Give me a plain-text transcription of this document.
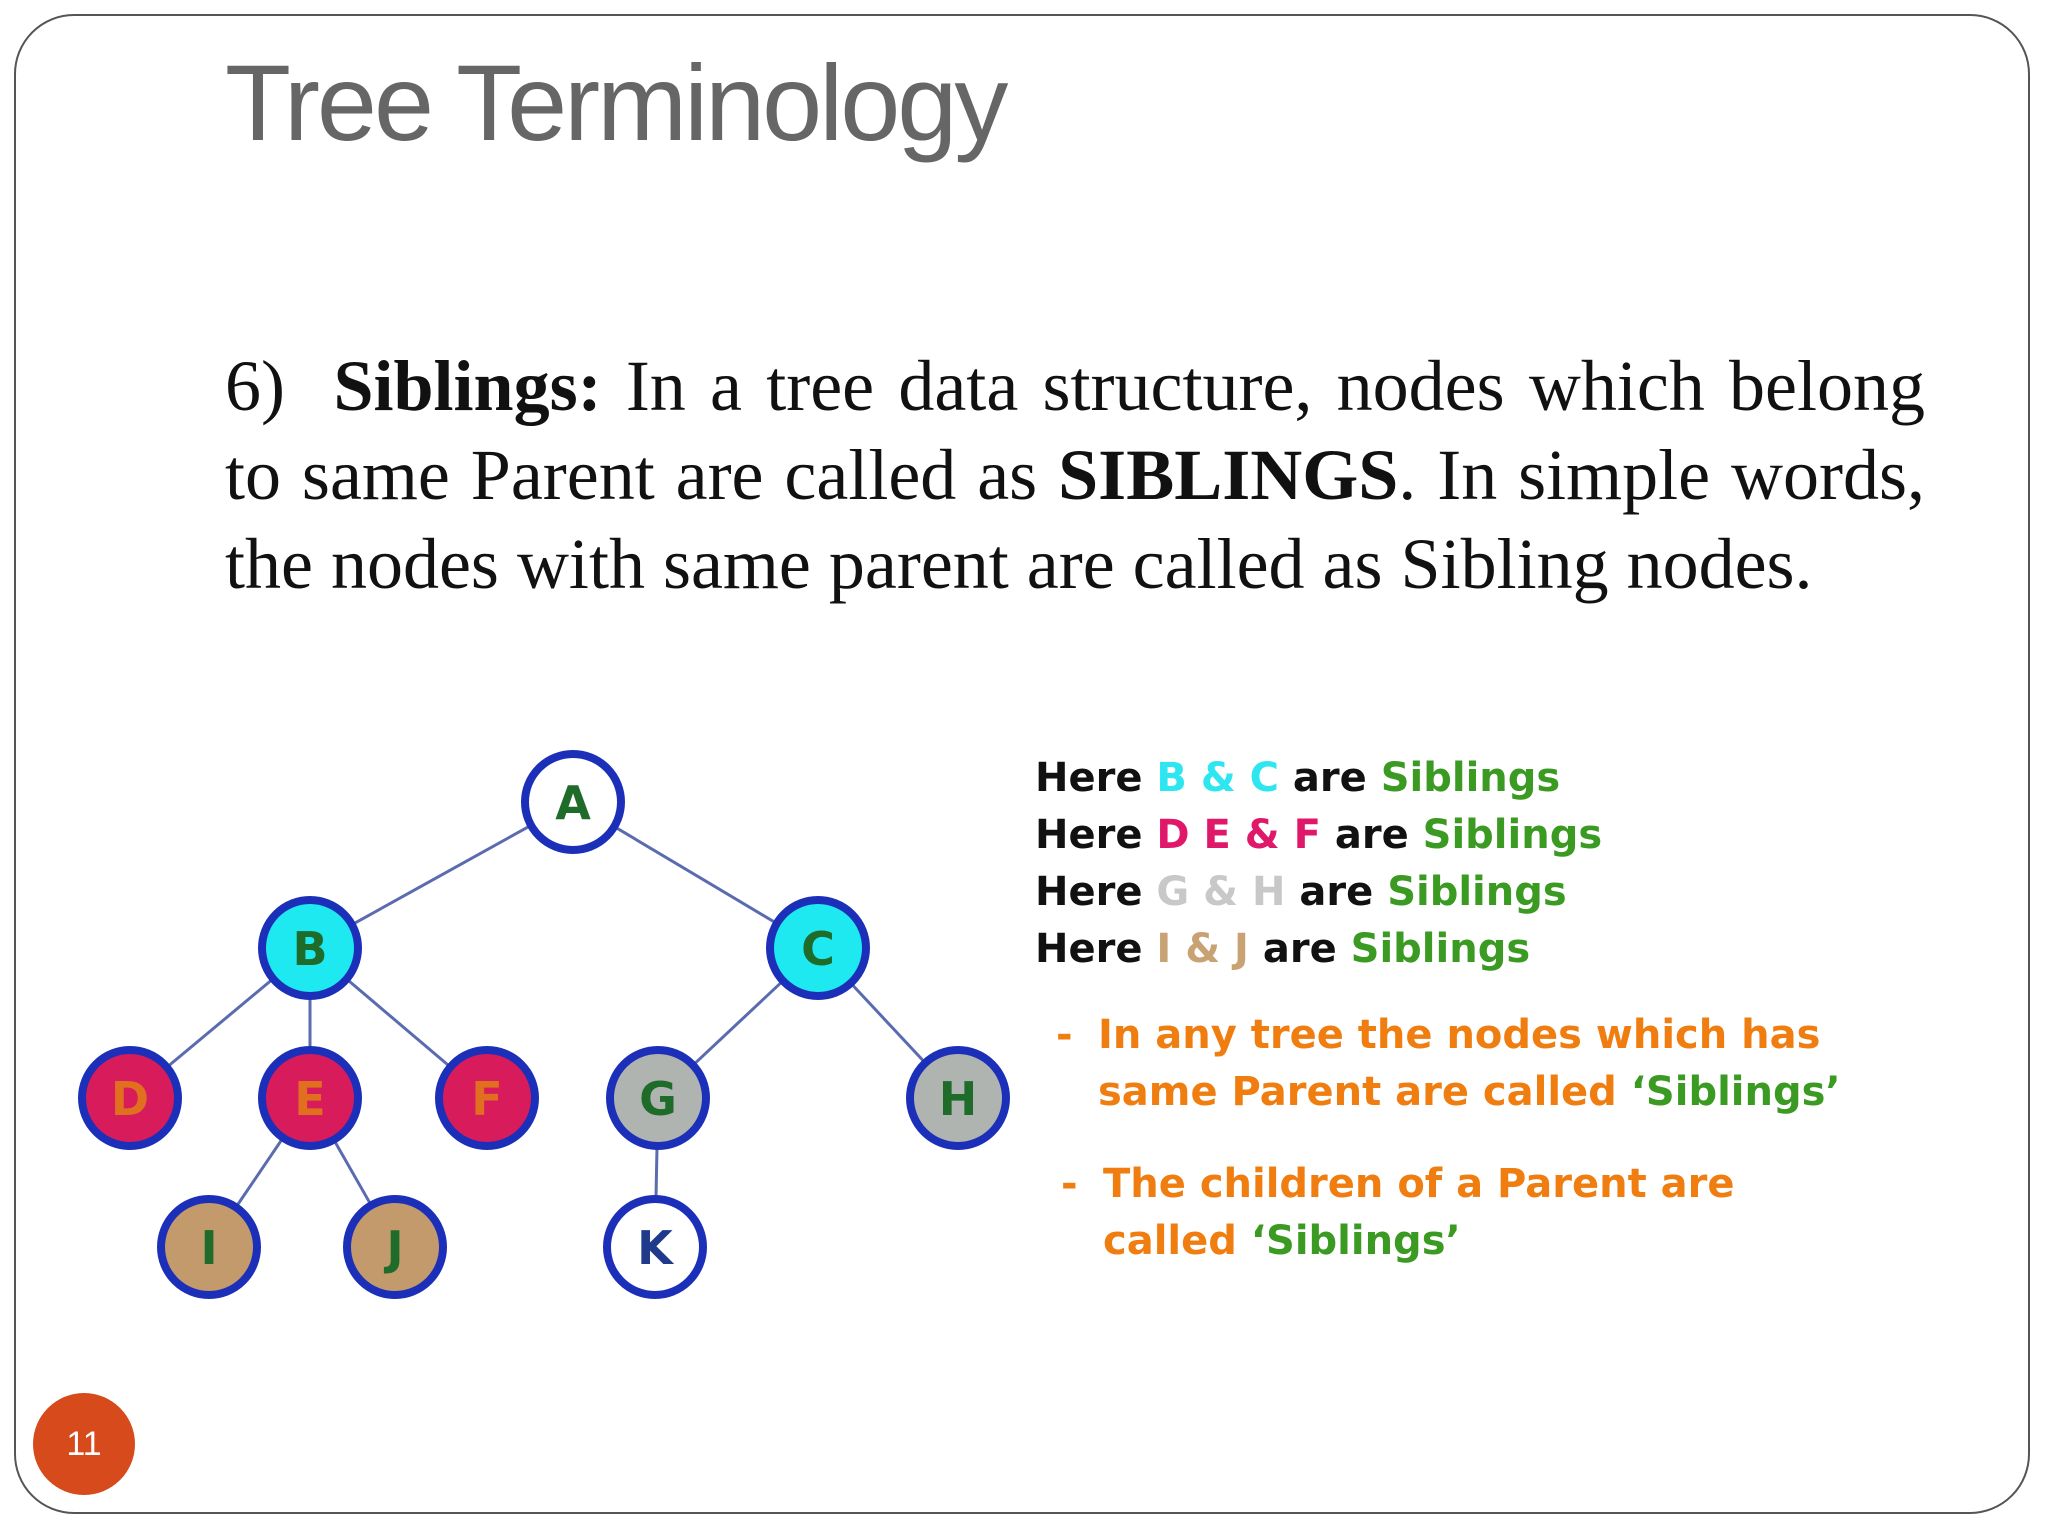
Tree Terminology

6) Siblings: In a tree data structure, nodes which belong to same Parent are called as SIBLINGS. In simple words, the nodes with same parent are called as Sibling nodes.

A
B	C
D	E	F	G	H
I	J	K
Here B & C are Siblings
Here D E & F are Siblings
Here G & H are Siblings
Here I & J are Siblings
- In any tree the nodes which has
same Parent are called ‘Siblings’
- The children of a Parent are
called ‘Siblings’
11
